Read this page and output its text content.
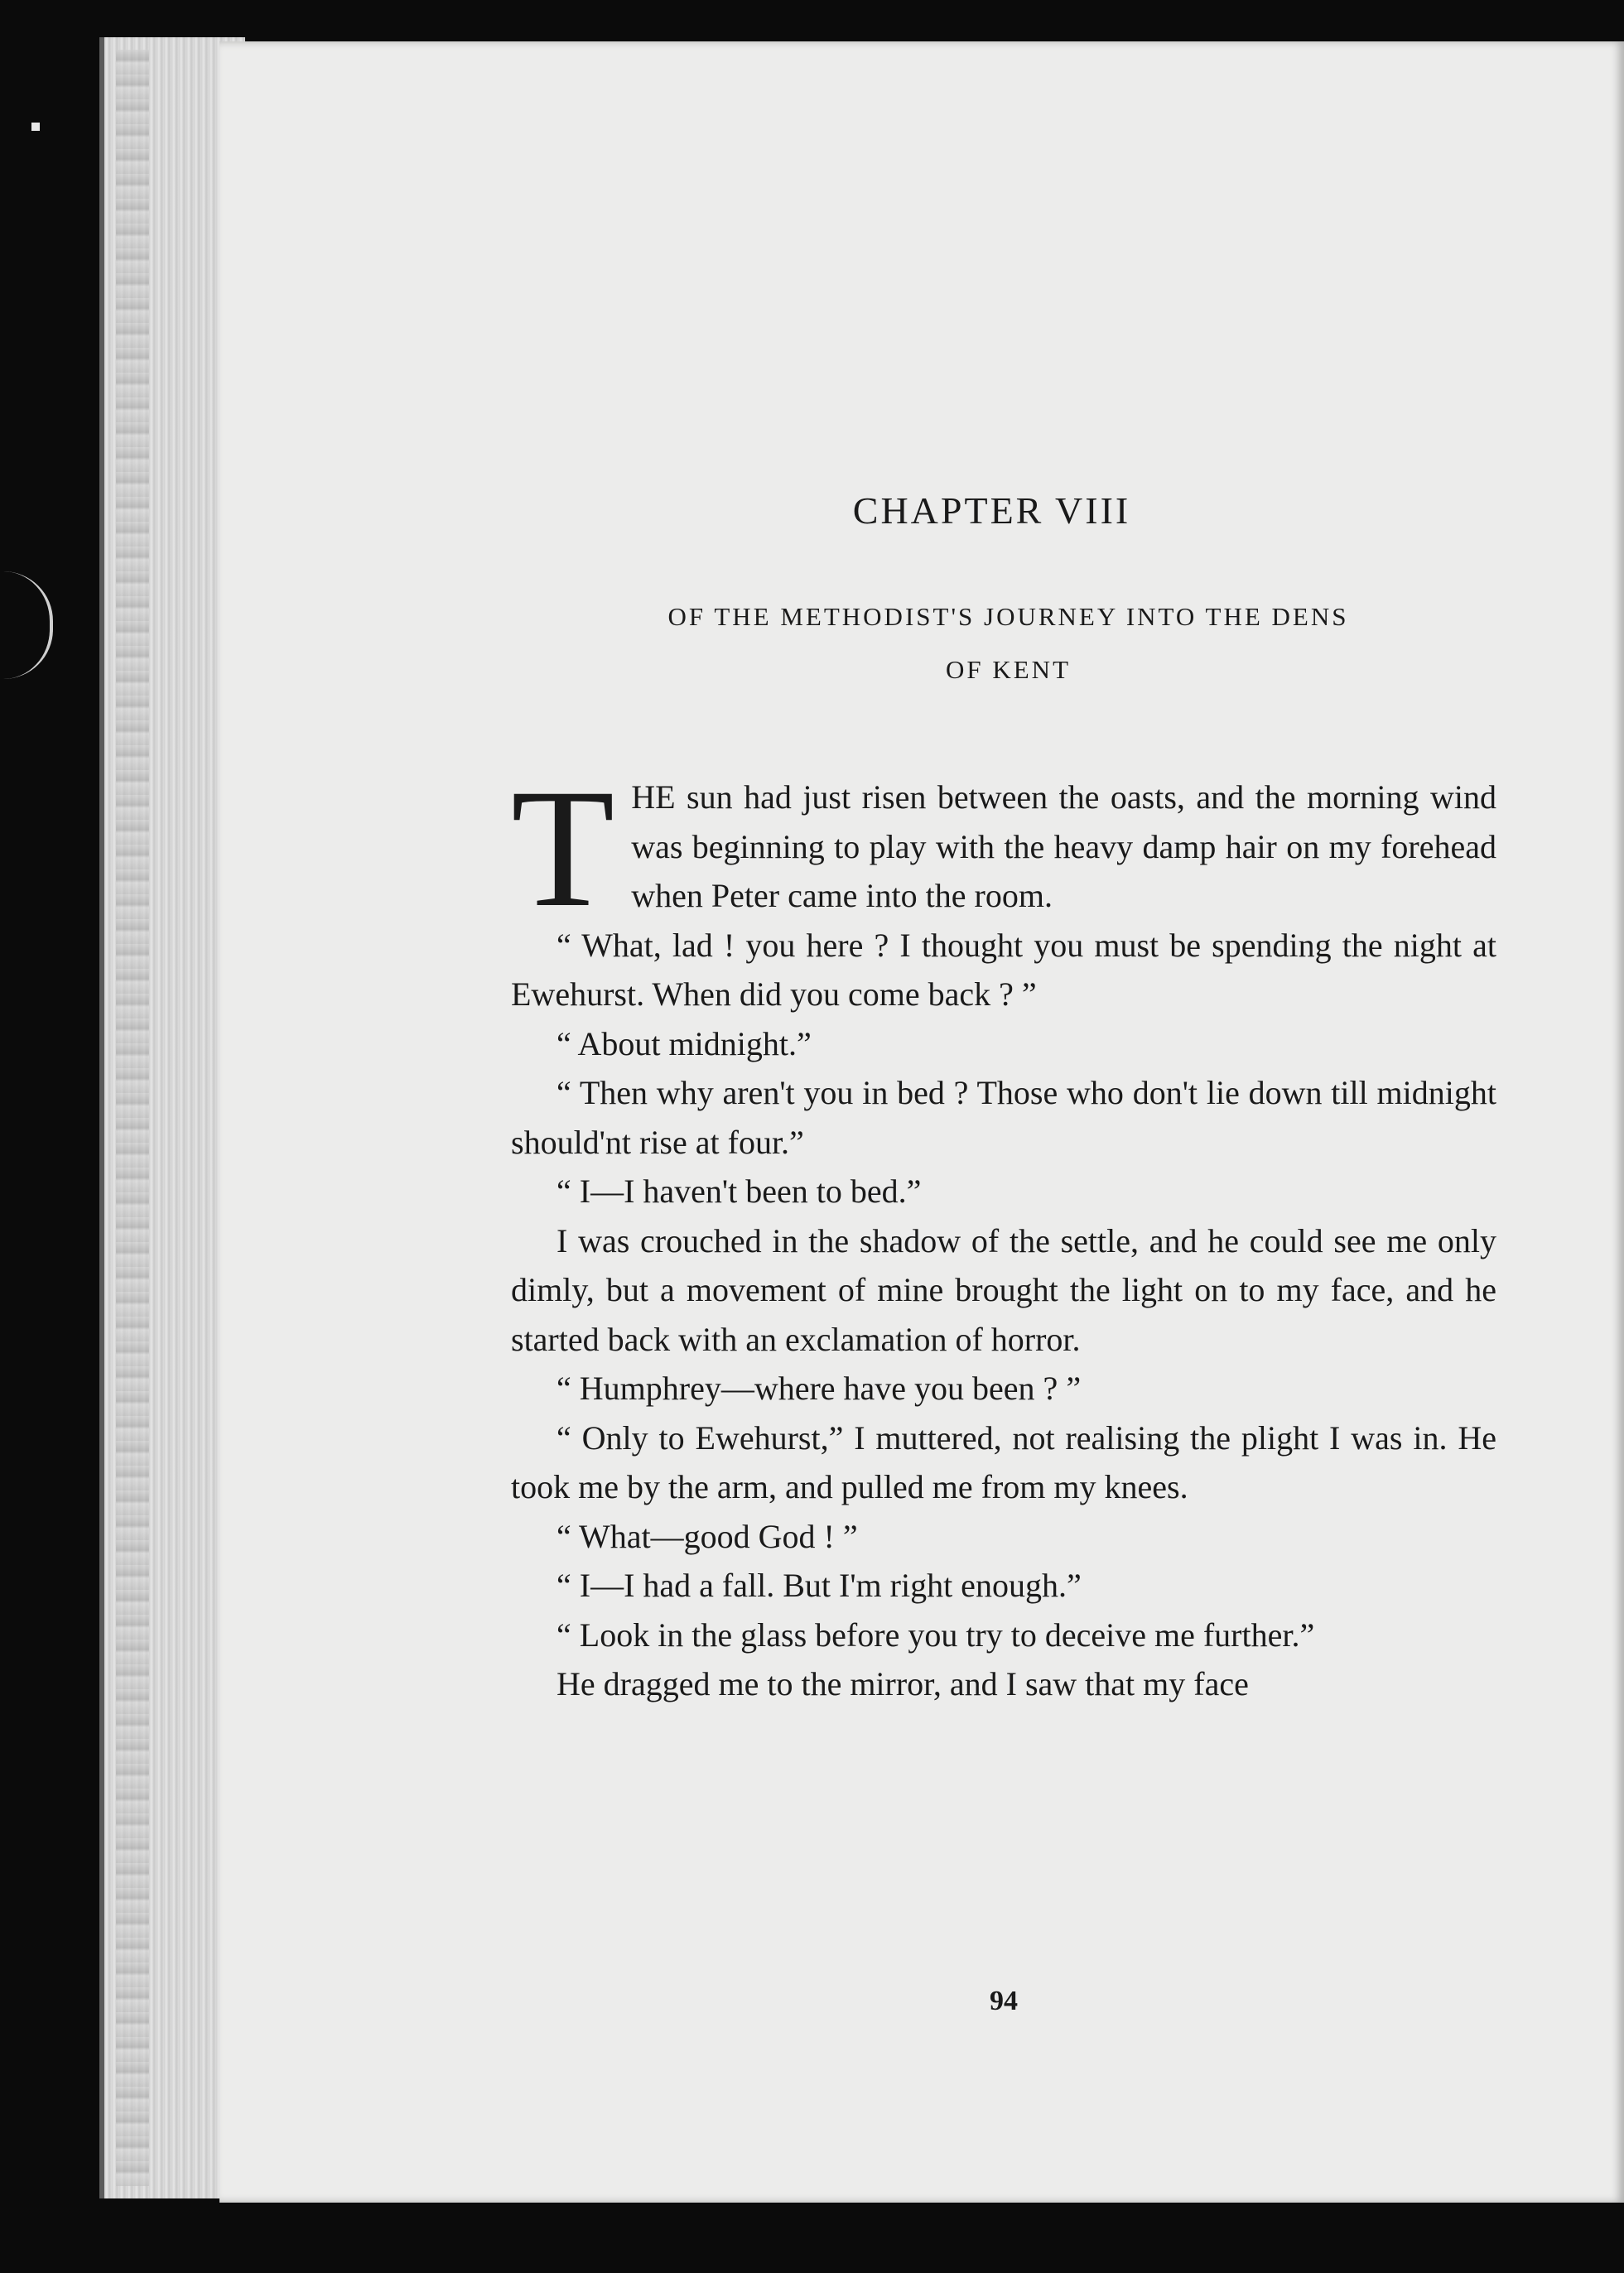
CHAPTER VIII
OF THE METHODIST'S JOURNEY INTO THE DENS
OF KENT

THE sun had just risen between the oasts, and the morning wind was beginning to play with the heavy damp hair on my forehead when Peter came into the room.

“ What, lad ! you here ? I thought you must be spending the night at Ewehurst. When did you come back ? ”

“ About midnight.”

“ Then why aren't you in bed ? Those who don't lie down till midnight should'nt rise at four.”

“ I—I haven't been to bed.”

I was crouched in the shadow of the settle, and he could see me only dimly, but a movement of mine brought the light on to my face, and he started back with an exclamation of horror.

“ Humphrey—where have you been ? ”

“ Only to Ewehurst,” I muttered, not realising the plight I was in. He took me by the arm, and pulled me from my knees.

“ What—good God ! ”

“ I—I had a fall. But I'm right enough.”

“ Look in the glass before you try to deceive me further.”

He dragged me to the mirror, and I saw that my face

94
